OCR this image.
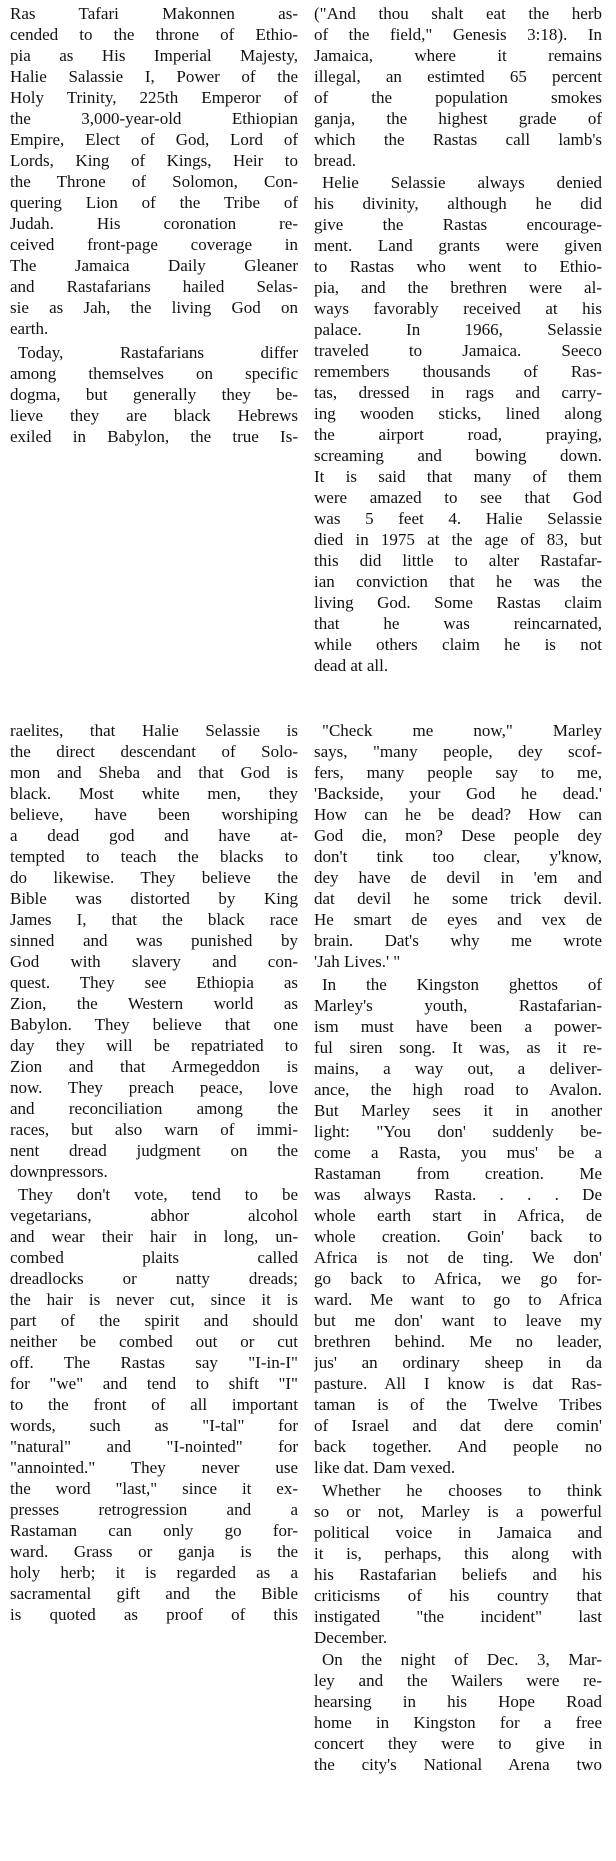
Ras Tafari Makonnen as-
cended to the throne of Ethio-
pia as His Imperial Majesty,
Halie Salassie I, Power of the
Holy Trinity, 225th Emperor of
the 3,000-year-old Ethiopian
Empire, Elect of God, Lord of
Lords, King of Kings, Heir to
the Throne of Solomon, Con-
quering Lion of the Tribe of
Judah. His coronation re-
ceived front-page coverage in
The Jamaica Daily Gleaner
and Rastafarians hailed Selas-
sie as Jah, the living God on
earth.
Today, Rastafarians differ
among themselves on specific
dogma, but generally they be-
lieve they are black Hebrews
exiled in Babylon, the true Is-
raelites, that Halie Selassie is
the direct descendant of Solo-
mon and Sheba and that God is
black. Most white men, they
believe, have been worshiping
a dead god and have at-
tempted to teach the blacks to
do likewise. They believe the
Bible was distorted by King
James I, that the black race
sinned and was punished by
God with slavery and con-
quest. They see Ethiopia as
Zion, the Western world as
Babylon. They believe that one
day they will be repatriated to
Zion and that Armegeddon is
now. They preach peace, love
and reconciliation among the
races, but also warn of immi-
nent dread judgment on the
downpressors.
They don't vote, tend to be
vegetarians, abhor alcohol
and wear their hair in long, un-
combed plaits called
dreadlocks or natty dreads;
the hair is never cut, since it is
part of the spirit and should
neither be combed out or cut
off. The Rastas say "I-in-I"
for "we" and tend to shift "I"
to the front of all important
words, such as "I-tal" for
"natural" and "I-nointed" for
"annointed." They never use
the word "last," since it ex-
presses retrogression and a
Rastaman can only go for-
ward. Grass or ganja is the
holy herb; it is regarded as a
sacramental gift and the Bible
is quoted as proof of this
("And thou shalt eat the herb
of the field," Genesis 3:18). In
Jamaica, where it remains
illegal, an estimted 65 percent
of the population smokes
ganja, the highest grade of
which the Rastas call lamb's
bread.
Helie Selassie always denied
his divinity, although he did
give the Rastas encourage-
ment. Land grants were given
to Rastas who went to Ethio-
pia, and the brethren were al-
ways favorably received at his
palace. In 1966, Selassie
traveled to Jamaica. Seeco
remembers thousands of Ras-
tas, dressed in rags and carry-
ing wooden sticks, lined along
the airport road, praying,
screaming and bowing down.
It is said that many of them
were amazed to see that God
was 5 feet 4. Halie Selassie
died in 1975 at the age of 83, but
this did little to alter Rastafar-
ian conviction that he was the
living God. Some Rastas claim
that he was reincarnated,
while others claim he is not
dead at all.
"Check me now," Marley
says, "many people, dey scof-
fers, many people say to me,
'Backside, your God he dead.'
How can he be dead? How can
God die, mon? Dese people dey
don't tink too clear, y'know,
dey have de devil in 'em and
dat devil he some trick devil.
He smart de eyes and vex de
brain. Dat's why me wrote
'Jah Lives.' "
In the Kingston ghettos of
Marley's youth, Rastafarian-
ism must have been a power-
ful siren song. It was, as it re-
mains, a way out, a deliver-
ance, the high road to Avalon.
But Marley sees it in another
light: "You don' suddenly be-
come a Rasta, you mus' be a
Rastaman from creation. Me
was always Rasta. . . . De
whole earth start in Africa, de
whole creation. Goin' back to
Africa is not de ting. We don'
go back to Africa, we go for-
ward. Me want to go to Africa
but me don' want to leave my
brethren behind. Me no leader,
jus' an ordinary sheep in da
pasture. All I know is dat Ras-
taman is of the Twelve Tribes
of Israel and dat dere comin'
back together. And people no
like dat. Dam vexed.
Whether he chooses to think
so or not, Marley is a powerful
political voice in Jamaica and
it is, perhaps, this along with
his Rastafarian beliefs and his
criticisms of his country that
instigated "the incident" last
December.
On the night of Dec. 3, Mar-
ley and the Wailers were re-
hearsing in his Hope Road
home in Kingston for a free
concert they were to give in
the city's National Arena two
